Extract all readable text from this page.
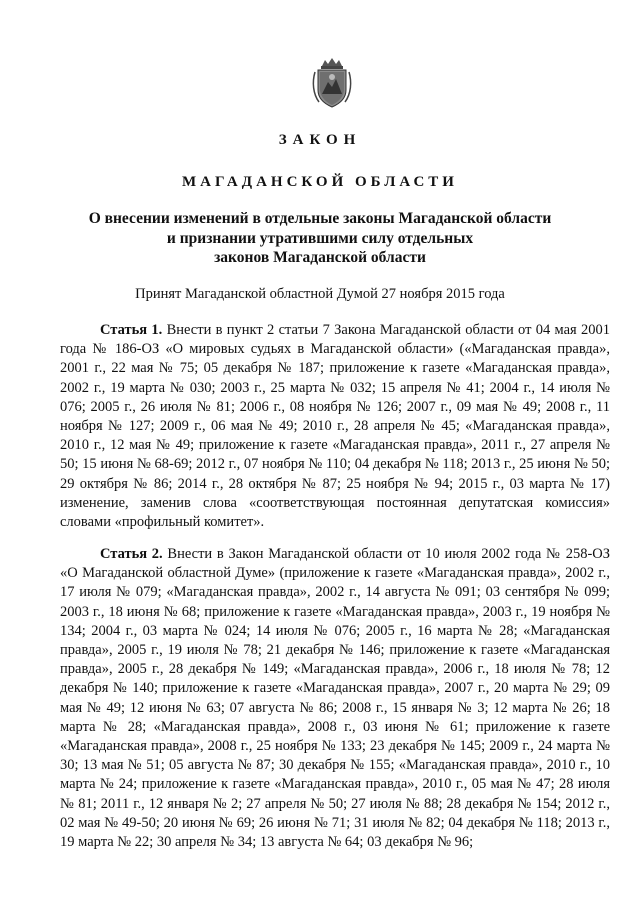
ЗАКОН
МАГАДАНСКОЙ ОБЛАСТИ
О внесении изменений в отдельные законы Магаданской области
и признании утратившими силу отдельных
законов Магаданской области
Принят Магаданской областной Думой 27 ноября 2015 года

Статья 1. Внести в пункт 2 статьи 7 Закона Магаданской области от 04 мая 2001 года № 186-ОЗ «О мировых судьях в Магаданской области» («Магаданская правда», 2001 г., 22 мая № 75; 05 декабря № 187; приложение к газете «Магаданская правда», 2002 г., 19 марта № 030; 2003 г., 25 марта № 032; 15 апреля № 41; 2004 г., 14 июля № 076; 2005 г., 26 июля № 81; 2006 г., 08 ноября № 126; 2007 г., 09 мая № 49; 2008 г., 11 ноября № 127; 2009 г., 06 мая № 49; 2010 г., 28 апреля № 45; «Магаданская правда», 2010 г., 12 мая № 49; приложение к газете «Магаданская правда», 2011 г., 27 апреля № 50; 15 июня № 68-69; 2012 г., 07 ноября № 110; 04 декабря № 118; 2013 г., 25 июня № 50; 29 октября № 86; 2014 г., 28 октября № 87; 25 ноября № 94; 2015 г., 03 марта № 17) изменение, заменив слова «соответствующая постоянная депутатская комиссия» словами «профильный комитет».

Статья 2. Внести в Закон Магаданской области от 10 июля 2002 года № 258-ОЗ «О Магаданской областной Думе» (приложение к газете «Магаданская правда», 2002 г., 17 июля № 079; «Магаданская правда», 2002 г., 14 августа № 091; 03 сентября № 099; 2003 г., 18 июня № 68; приложение к газете «Магаданская правда», 2003 г., 19 ноября № 134; 2004 г., 03 марта № 024; 14 июля № 076; 2005 г., 16 марта № 28; «Магаданская правда», 2005 г., 19 июля № 78; 21 декабря № 146; приложение к газете «Магаданская правда», 2005 г., 28 декабря № 149; «Магаданская правда», 2006 г., 18 июля № 78; 12 декабря № 140; приложение к газете «Магаданская правда», 2007 г., 20 марта № 29; 09 мая № 49; 12 июня № 63; 07 августа № 86; 2008 г., 15 января № 3; 12 марта № 26; 18 марта № 28; «Магаданская правда», 2008 г., 03 июня № 61; приложение к газете «Магаданская правда», 2008 г., 25 ноября № 133; 23 декабря № 145; 2009 г., 24 марта № 30; 13 мая № 51; 05 августа № 87; 30 декабря № 155; «Магаданская правда», 2010 г., 10 марта № 24; приложение к газете «Магаданская правда», 2010 г., 05 мая № 47; 28 июля № 81; 2011 г., 12 января № 2; 27 апреля № 50; 27 июля № 88; 28 декабря № 154; 2012 г., 02 мая № 49-50; 20 июня № 69; 26 июня № 71; 31 июля № 82; 04 декабря № 118; 2013 г., 19 марта № 22; 30 апреля № 34; 13 августа № 64; 03 декабря № 96;
